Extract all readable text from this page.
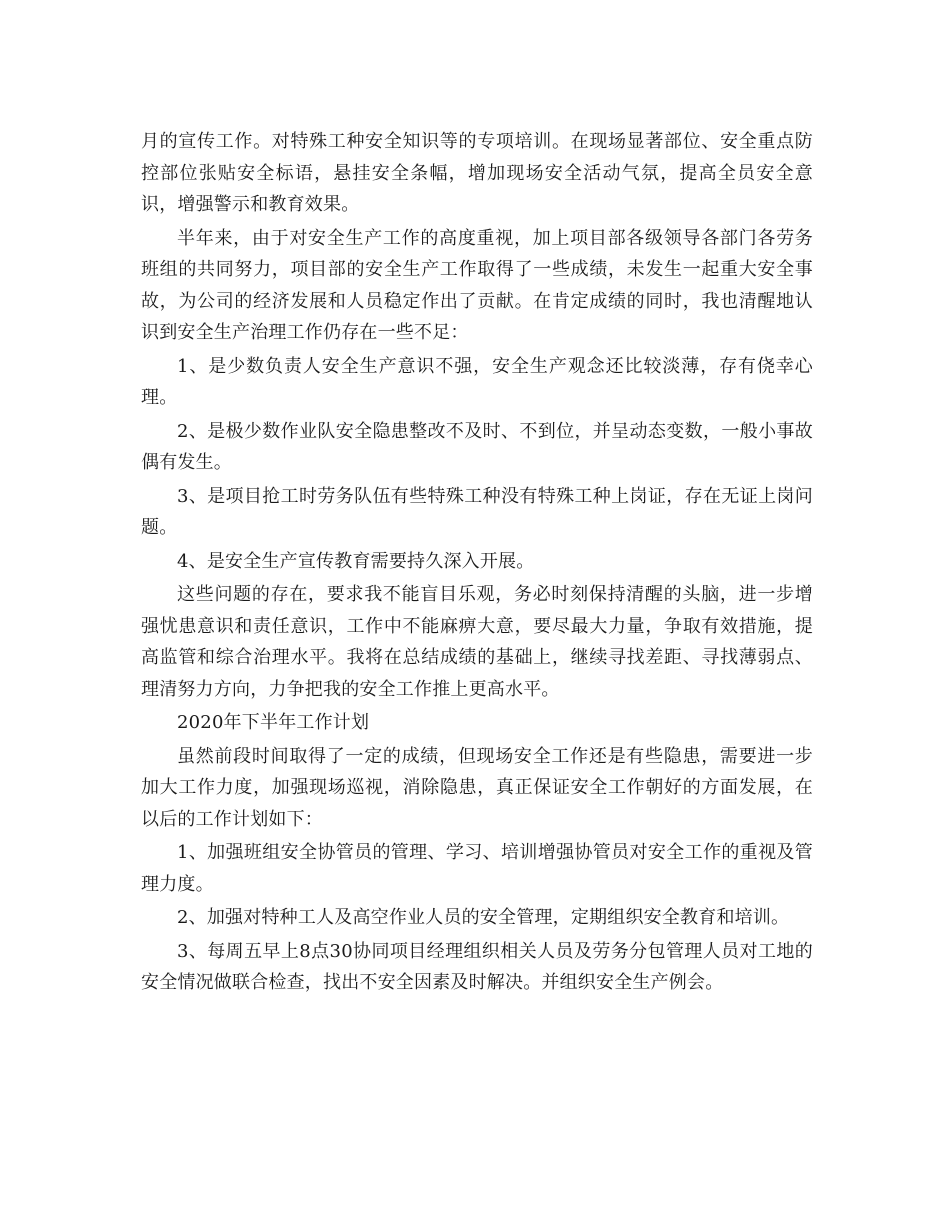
月的宣传工作。对特殊工种安全知识等的专项培训。在现场显著部位、安全重点防控部位张贴安全标语，悬挂安全条幅，增加现场安全活动气氛，提高全员安全意识，增强警示和教育效果。

半年来，由于对安全生产工作的高度重视，加上项目部各级领导各部门各劳务班组的共同努力，项目部的安全生产工作取得了一些成绩，未发生一起重大安全事故，为公司的经济发展和人员稳定作出了贡献。在肯定成绩的同时，我也清醒地认识到安全生产治理工作仍存在一些不足：

1、是少数负责人安全生产意识不强，安全生产观念还比较淡薄，存有侥幸心理。

2、是极少数作业队安全隐患整改不及时、不到位，并呈动态变数，一般小事故偶有发生。

3、是项目抢工时劳务队伍有些特殊工种没有特殊工种上岗证，存在无证上岗问题。

4、是安全生产宣传教育需要持久深入开展。

这些问题的存在，要求我不能盲目乐观，务必时刻保持清醒的头脑，进一步增强忧患意识和责任意识，工作中不能麻痹大意，要尽最大力量，争取有效措施，提高监管和综合治理水平。我将在总结成绩的基础上，继续寻找差距、寻找薄弱点、理清努力方向，力争把我的安全工作推上更高水平。

2020年下半年工作计划

虽然前段时间取得了一定的成绩，但现场安全工作还是有些隐患，需要进一步加大工作力度，加强现场巡视，消除隐患，真正保证安全工作朝好的方面发展，在以后的工作计划如下：

1、加强班组安全协管员的管理、学习、培训增强协管员对安全工作的重视及管理力度。

2、加强对特种工人及高空作业人员的安全管理，定期组织安全教育和培训。

3、每周五早上8点30协同项目经理组织相关人员及劳务分包管理人员对工地的安全情况做联合检查，找出不安全因素及时解决。并组织安全生产例会。
